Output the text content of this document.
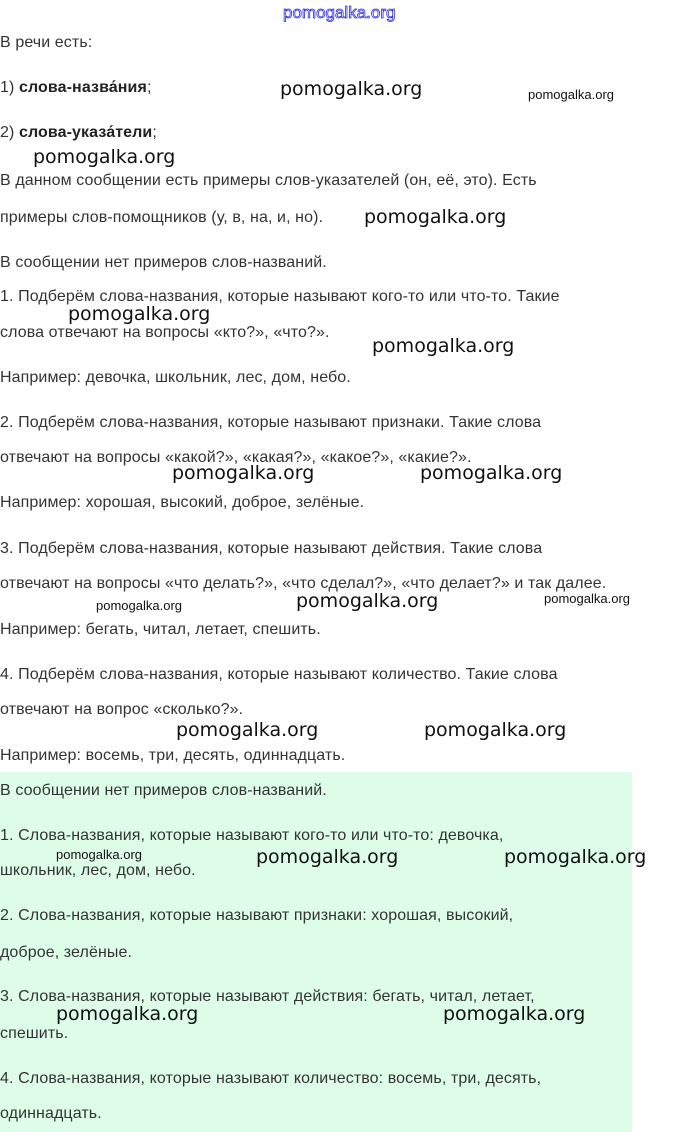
pomogalka.org
В речи есть:
1) слова-назва́ния;
2) слова-указа́тели;
В данном сообщении есть примеры слов-указателей (он, её, это). Есть
примеры слов-помощников (у, в, на, и, но).
В сообщении нет примеров слов-названий.
1. Подберём слова-названия, которые называют кого-то или что-то. Такие
слова отвечают на вопросы «кто?», «что?».
Например: девочка, школьник, лес, дом, небо.
2. Подберём слова-названия, которые называют признаки. Такие слова
отвечают на вопросы «какой?», «какая?», «какое?», «какие?».
Например: хорошая, высокий, доброе, зелёные.
3. Подберём слова-названия, которые называют действия. Такие слова
отвечают на вопросы «что делать?», «что сделал?», «что делает?» и так далее.
Например: бегать, читал, летает, спешить.
4. Подберём слова-названия, которые называют количество. Такие слова
отвечают на вопрос «сколько?».
Например: восемь, три, десять, одиннадцать.
В сообщении нет примеров слов-названий.
1. Слова-названия, которые называют кого-то или что-то: девочка,
школьник, лес, дом, небо.
2. Слова-названия, которые называют признаки: хорошая, высокий,
доброе, зелёные.
3. Слова-названия, которые называют действия: бегать, читал, летает,
спешить.
4. Слова-названия, которые называют количество: восемь, три, десять,
одиннадцать.
pomogalka.org	pomogalka.org
pomogalka.org
pomogalka.org
pomogalka.org
pomogalka.org
pomogalka.org	pomogalka.org
pomogalka.org	pomogalka.org	pomogalka.org
pomogalka.org	pomogalka.org
pomogalka.org	pomogalka.org	pomogalka.org
pomogalka.org	pomogalka.org
